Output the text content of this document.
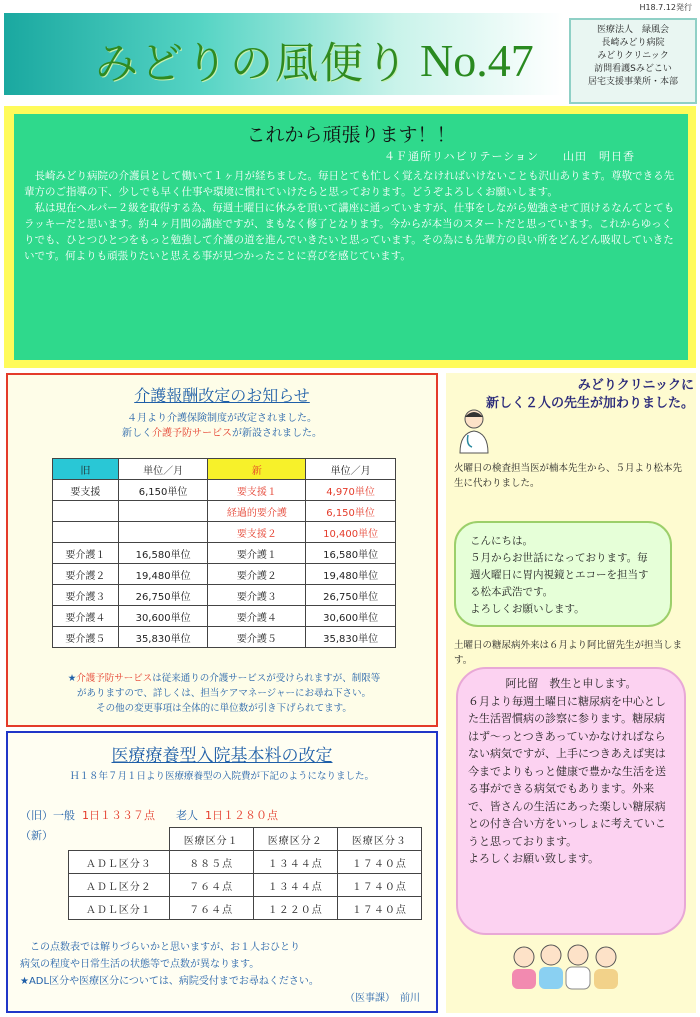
H18.7.12発行
みどりの風便り No.47
医療法人　緑風会
長崎みどり病院
みどりクリニック
訪問看護Sみどこい
居宅支援事業所・本部
これから頑張ります！！
４Ｆ通所リハビリテーション　　山田　明日香

長崎みどり病院の介護員として働いて１ヶ月が経ちました。毎日とても忙しく覚えなければいけないことも沢山あります。尊敬できる先輩方のご指導の下、少しでも早く仕事や環境に慣れていけたらと思っております。どうぞよろしくお願いします。

私は現在ヘルパー２級を取得する為、毎週土曜日に休みを頂いて講座に通っていますが、仕事をしながら勉強させて頂けるなんてとてもラッキーだと思います。約４ヶ月間の講座ですが、まもなく修了となります。今からが本当のスタートだと思っています。これからゆっくりでも、ひとつひとつをもっと勉強して介護の道を進んでいきたいと思っています。その為にも先輩方の良い所をどんどん吸収していきたいです。何よりも頑張りたいと思える事が見つかったことに喜びを感じています。

介護報酬改定のお知らせ
４月より介護保険制度が改定されました。
新しく介護予防サービスが新設されました。
旧	単位／月	新	単位／月
要支援	6,150単位	要支援１	4,970単位
		経過的要介護	6,150単位
		要支援２	10,400単位
要介護１	16,580単位	要介護１	16,580単位
要介護２	19,480単位	要介護２	19,480単位
要介護３	26,750単位	要介護３	26,750単位
要介護４	30,600単位	要介護４	30,600単位
要介護５	35,830単位	要介護５	35,830単位
★介護予防サービスは従来通りの介護サービスが受けられますが、制限等
がありますので、詳しくは、担当ケアマネージャーにお尋ね下さい。
その他の変更事項は全体的に単位数が引き下げられてます。
医療療養型入院基本料の改定
Ｈ１８年７月１日より医療療養型の入院費が下記のようになりました。
（旧）一般 1日１３３７点 老人 1日１２８０点
（新）
		医療区分１	医療区分２	医療区分３
ＡＤＬ区分３	８８５点	１３４４点	１７４０点
ＡＤＬ区分２	７６４点	１３４４点	１７４０点
ＡＤＬ区分１	７６４点	１２２０点	１７４０点
この点数表では解りづらいかと思いますが、お１人おひとり
病気の程度や日常生活の状態等で点数が異なります。
★ADL区分や医療区分については、病院受付までお尋ねください。
（医事課）　前川
みどりクリニックに
新しく２人の先生が加わりました。
火曜日の検査担当医が楠本先生から、５月より松本先生に代わりました。
こんにちは。
５月からお世話になっております。毎週火曜日に胃内視鏡とエコーを担当する松本武浩です。
よろしくお願いします。
土曜日の糖尿病外来は６月より阿比留先生が担当します。
阿比留　教生と申します。
６月より毎週土曜日に糖尿病を中心とした生活習慣病の診察に参ります。糖尿病はず～っとつきあっていかなければならない病気ですが、上手につきあえば実は今までよりもっと健康で豊かな生活を送る事ができる病気でもあります。外来で、皆さんの生活にあった楽しい糖尿病との付き合い方をいっしょに考えていこうと思っております。
よろしくお願い致します。
